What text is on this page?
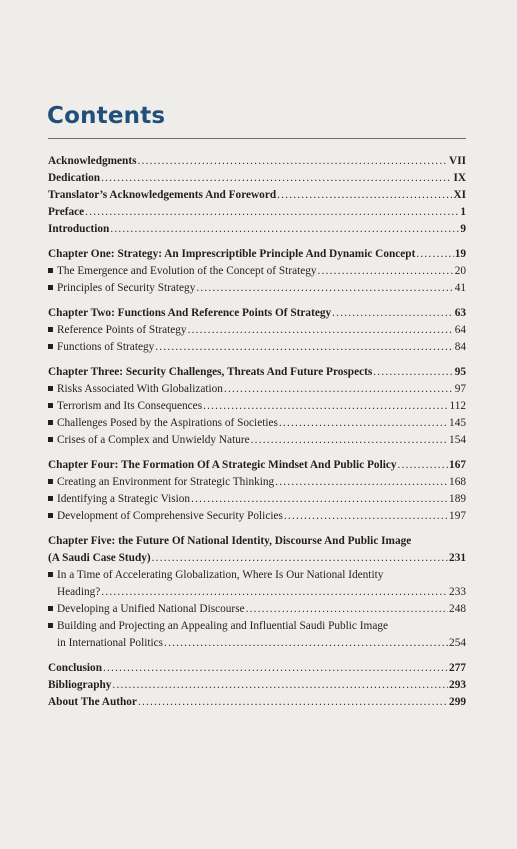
Contents
Acknowledgments .....	VII
Dedication .....	IX
Translator’s Acknowledgements And Foreword .....	XI
Preface .....	1
Introduction .....	9
Chapter One: Strategy: An Imprescriptible Principle And Dynamic Concept .....	19
The Emergence and Evolution of the Concept of Strategy .....	20
Principles of Security Strategy .....	41
Chapter Two: Functions And Reference Points Of Strategy .....	63
Reference Points of Strategy .....	64
Functions of Strategy .....	84
Chapter Three: Security Challenges, Threats And Future Prospects .....	95
Risks Associated With Globalization .....	97
Terrorism and Its Consequences .....	112
Challenges Posed by the Aspirations of Societies .....	145
Crises of a Complex and Unwieldy Nature .....	154
Chapter Four: The Formation Of A Strategic Mindset And Public Policy .....	167
Creating an Environment for Strategic Thinking .....	168
Identifying a Strategic Vision .....	189
Development of Comprehensive Security Policies .....	197
Chapter Five: the Future Of National Identity, Discourse And Public Image
(A Saudi Case Study) .....	231
In a Time of Accelerating Globalization, Where Is Our National Identity
Heading? .....	233
Developing a Unified National Discourse .....	248
Building and Projecting an Appealing and Influential Saudi Public Image
in International Politics .....	254
Conclusion .....	277
Bibliography .....	293
About The Author .....	299
